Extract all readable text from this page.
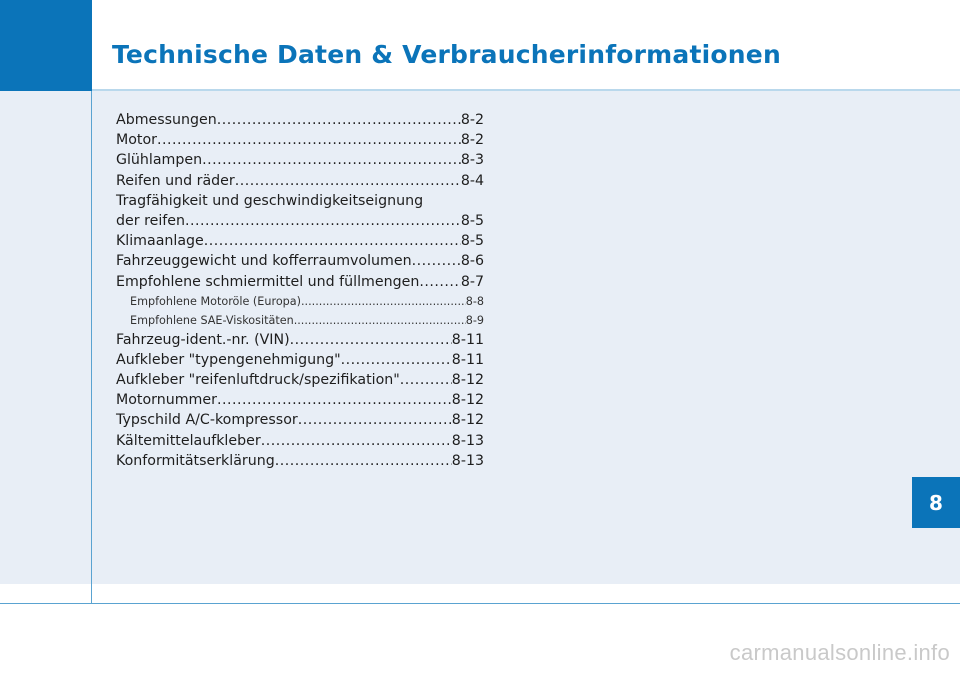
Technische Daten & Verbraucherinformationen
Abmessungen .....	8-2
Motor .....	8-2
Glühlampen .....	8-3
Reifen und räder .....	8-4
Tragfähigkeit und geschwindigkeitseignung
der reifen .....	8-5
Klimaanlage .....	8-5
Fahrzeuggewicht und kofferraumvolumen .....	8-6
Empfohlene schmiermittel und füllmengen .....	8-7
Empfohlene Motoröle (Europa) .....	8-8
Empfohlene SAE-Viskositäten .....	8-9
Fahrzeug-ident.-nr. (VIN) .....	8-11
Aufkleber "typengenehmigung" .....	8-11
Aufkleber "reifenluftdruck/spezifikation" .....	8-12
Motornummer .....	8-12
Typschild A/C-kompressor .....	8-12
Kältemittelaufkleber .....	8-13
Konformitätserklärung .....	8-13
8
carmanualsonline.info
